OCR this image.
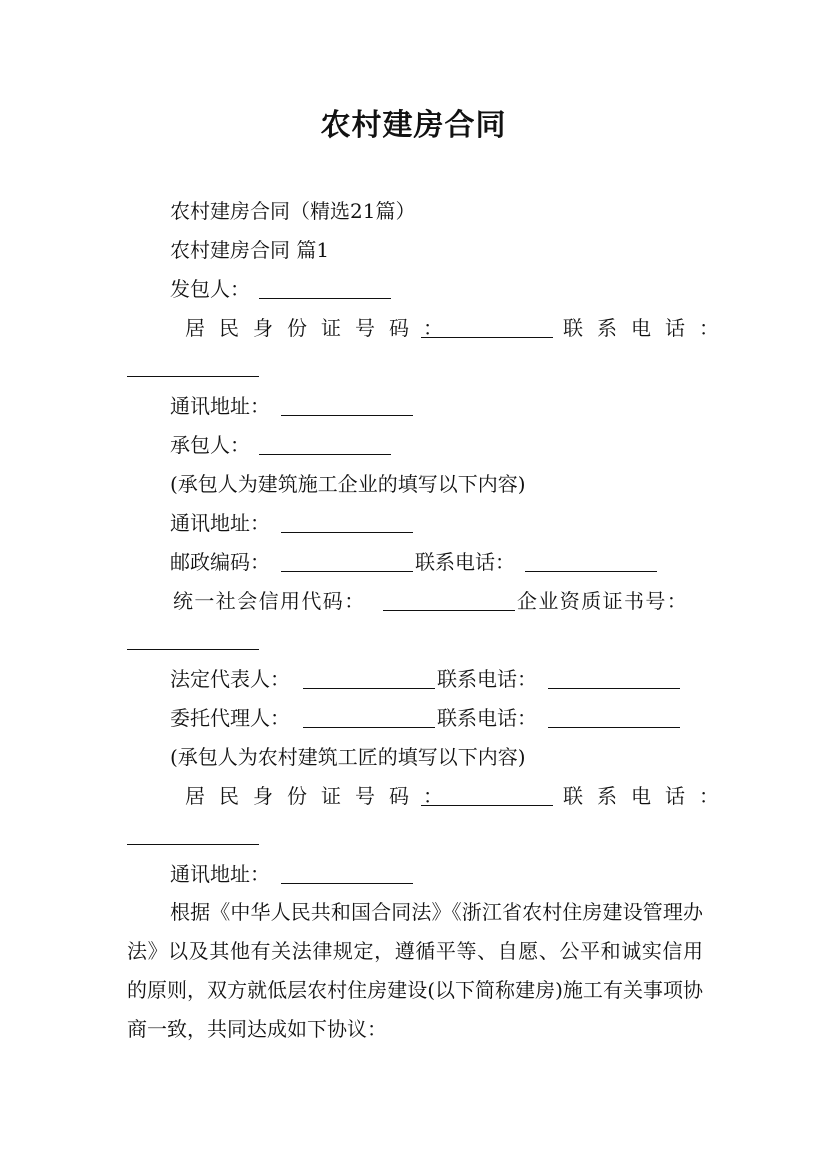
农村建房合同
农村建房合同（精选21篇）
农村建房合同 篇1
发包人：
居民身份证号码：	联系电话：
通讯地址：
承包人：
(承包人为建筑施工企业的填写以下内容)
通讯地址：
邮政编码：	联系电话：
统一社会信用代码：	企业资质证书号：
法定代表人：	联系电话：
委托代理人：	联系电话：
(承包人为农村建筑工匠的填写以下内容)
居民身份证号码：	联系电话：
通讯地址：
根据《中华人民共和国合同法》《浙江省农村住房建设管理办法》以及其他有关法律规定，遵循平等、自愿、公平和诚实信用的原则，双方就低层农村住房建设(以下简称建房)施工有关事项协商一致，共同达成如下协议：
